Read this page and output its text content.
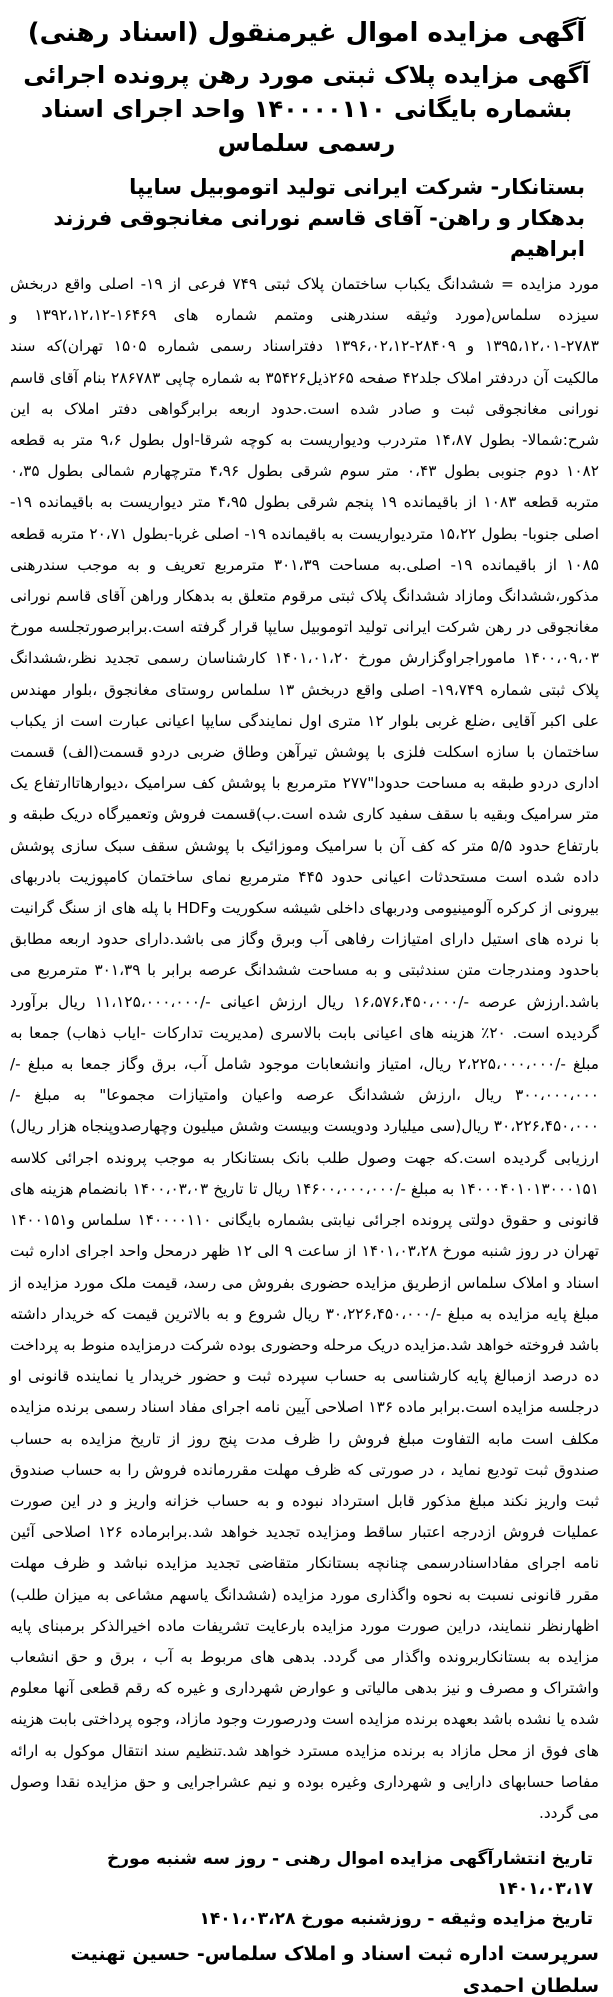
آگهی مزایده اموال غیرمنقول (اسناد رهنی)
آگهی مزایده پلاک ثبتی مورد رهن پرونده اجرائی بشماره بایگانی ۱۴۰۰۰۰۱۱۰ واحد اجرای اسناد رسمی سلماس
بستانکار- شرکت ایرانی تولید اتوموبیل سایپا
بدهکار و راهن- آقای قاسم نورانی مغانجوقی فرزند ابراهیم

مورد مزایده = ششدانگ یکباب ساختمان پلاک ثبتی ۷۴۹ فرعی از ۱۹- اصلی واقع دربخش سیزده سلماس(مورد وثیقه سندرهنی ومتمم شماره های ۱۶۴۶۹-۱۳۹۲،۱۲،۱۲ و ۲۷۸۳-۱۳۹۵،۱۲،۰۱ و ۲۸۴۰۹-۱۳۹۶،۰۲،۱۲ دفتراسناد رسمی شماره ۱۵۰۵ تهران)که سند مالکیت آن دردفتر املاک جلد۴۲ صفحه ۲۶۵ذیل۳۵۴۲۶ به شماره چاپی ۲۸۶۷۸۳ بنام آقای قاسم نورانی مغانجوقی ثبت و صادر شده است.حدود اربعه برابرگواهی دفتر املاک به این شرح:شمالا- بطول ۱۴،۸۷ متردرب ودیواریست به کوچه شرقا-اول بطول ۹،۶ متر به قطعه ۱۰۸۲ دوم جنوبی بطول ۰،۴۳ متر سوم شرقی بطول ۴،۹۶ مترچهارم شمالی بطول ۰،۳۵ متربه قطعه ۱۰۸۳ از باقیمانده ۱۹ پنجم شرقی بطول ۴،۹۵ متر دیواریست به باقیمانده ۱۹- اصلی جنوبا- بطول ۱۵،۲۲ متردیواریست به باقیمانده ۱۹- اصلی غربا-بطول ۲۰،۷۱ متربه قطعه ۱۰۸۵ از باقیمانده ۱۹- اصلی.به مساحت ۳۰۱،۳۹ مترمربع تعریف و به موجب سندرهنی مذکور،ششدانگ ومازاد ششدانگ پلاک ثبتی مرقوم متعلق به بدهکار وراهن آقای قاسم نورانی مغانجوقی در رهن شرکت ایرانی تولید اتوموبیل سایپا قرار گرفته است.برابرصورتجلسه مورخ ۱۴۰۰،۰۹،۰۳ ماموراجراوگزارش مورخ ۱۴۰۱،۰۱،۲۰ کارشناسان رسمی تجدید نظر،ششدانگ پلاک ثبتی شماره ۱۹،۷۴۹- اصلی واقع دربخش ۱۳ سلماس روستای مغانجوق ،بلوار مهندس علی اکبر آقایی ،ضلع غربی بلوار ۱۲ متری اول نمایندگی سایپا اعیانی عبارت است از یکباب ساختمان با سازه اسکلت فلزی با پوشش تیرآهن وطاق ضربی دردو قسمت(الف) قسمت اداری دردو طبقه به مساحت حدودا"۲۷۷ مترمربع با پوشش کف سرامیک ،دیوارهاتاارتفاع یک متر سرامیک وبقیه با سقف سفید کاری شده است.ب)قسمت فروش وتعمیرگاه دریک طبقه و بارتفاع حدود ۵/۵ متر که کف آن با سرامیک وموزائیک با پوشش سقف سبک سازی پوشش داده شده است مستحدثات اعیانی حدود ۴۴۵ مترمربع نمای ساختمان کامپوزیت بادربهای بیرونی از کرکره آلومینیومی ودربهای داخلی شیشه سکوریت وHDF با پله های از سنگ گرانیت با نرده های استیل دارای امتیازات رفاهی آب وبرق وگاز می باشد.دارای حدود اربعه مطابق باحدود ومندرجات متن سندثبتی و به مساحت ششدانگ عرصه برابر با ۳۰۱،۳۹ مترمربع می باشد.ارزش عرصه -/۱۶،۵۷۶،۴۵۰،۰۰۰ ریال ارزش اعیانی -/۱۱،۱۲۵،۰۰۰،۰۰۰ ریال برآورد گردیده است. ۲۰٪ هزینه های اعیانی بابت بالاسری (مدیریت تدارکات -ایاب ذهاب) جمعا به مبلغ -/۲،۲۲۵،۰۰۰،۰۰۰ ریال، امتیاز وانشعابات موجود شامل آب، برق وگاز جمعا به مبلغ -/۳۰۰،۰۰۰،۰۰۰ ریال ،ارزش ششدانگ عرصه واعیان وامتیازات مجموعا" به مبلغ -/۳۰،۲۲۶،۴۵۰،۰۰۰ ریال(سی میلیارد ودویست وبیست وشش میلیون وچهارصدوپنجاه هزار ریال) ارزیابی گردیده است.که جهت وصول طلب بانک بستانکار به موجب پرونده اجرائی کلاسه ۱۴۰۰۰۴۰۱۰۱۳۰۰۰۱۵۱ به مبلغ -/۱۴۶۰۰،۰۰۰،۰۰۰ ریال تا تاریخ ۱۴۰۰،۰۳،۰۳ بانضمام هزینه های قانونی و حقوق دولتی پرونده اجرائی نیابتی بشماره بایگانی ۱۴۰۰۰۰۱۱۰ سلماس و۱۴۰۰۱۵۱ تهران در روز شنبه مورخ ۱۴۰۱،۰۳،۲۸ از ساعت ۹ الی ۱۲ ظهر درمحل واحد اجرای اداره ثبت اسناد و املاک سلماس ازطریق مزایده حضوری بفروش می رسد، قیمت ملک مورد مزایده از مبلغ پایه مزایده به مبلغ -/۳۰،۲۲۶،۴۵۰،۰۰۰ ریال شروع و به بالاترین قیمت که خریدار داشته باشد فروخته خواهد شد.مزایده دریک مرحله وحضوری بوده شرکت درمزایده منوط به پرداخت ده درصد ازمبالغ پایه کارشناسی به حساب سپرده ثبت و حضور خریدار یا نماینده قانونی او درجلسه مزایده است.برابر ماده ۱۳۶ اصلاحی آیین نامه اجرای مفاد اسناد رسمی برنده مزایده مکلف است مابه التفاوت مبلغ فروش را ظرف مدت پنج روز از تاریخ مزایده به حساب صندوق ثبت تودیع نماید ، در صورتی که ظرف مهلت مقررمانده فروش را به حساب صندوق ثبت واریز نکند مبلغ مذکور قابل استرداد نبوده و به حساب خزانه واریز و در این صورت عملیات فروش ازدرجه اعتبار ساقط ومزایده تجدید خواهد شد.برابرماده ۱۲۶ اصلاحی آئین نامه اجرای مفاداسنادرسمی چنانچه بستانکار متقاضی تجدید مزایده نباشد و ظرف مهلت مقرر قانونی نسبت به نحوه واگذاری مورد مزایده (ششدانگ یاسهم مشاعی به میزان طلب) اظهارنظر ننمایند، دراین صورت مورد مزایده بارعایت تشریفات ماده اخیرالذکر برمبنای پایه مزایده به بستانکاربرونده واگذار می گردد. بدهی های مربوط به آب ، برق و حق انشعاب واشتراک و مصرف و نیز بدهی مالیاتی و عوارض شهرداری و غیره که رقم قطعی آنها معلوم شده یا نشده باشد بعهده برنده مزایده است ودرصورت وجود مازاد، وجوه پرداختی بابت هزینه های فوق از محل مازاد به برنده مزایده مسترد خواهد شد.تنظیم سند انتقال موکول به ارائه مفاصا حسابهای دارایی و شهرداری وغیره بوده و نیم عشراجرایی و حق مزایده نقدا وصول می گردد.

تاریخ انتشارآگهی مزایده اموال رهنی - روز سه شنبه مورخ ۱۴۰۱،۰۳،۱۷
تاریخ مزایده وثیقه - روزشنبه مورخ ۱۴۰۱،۰۳،۲۸
سرپرست اداره ثبت اسناد و املاک سلماس- حسین تهنیت سلطان احمدی
